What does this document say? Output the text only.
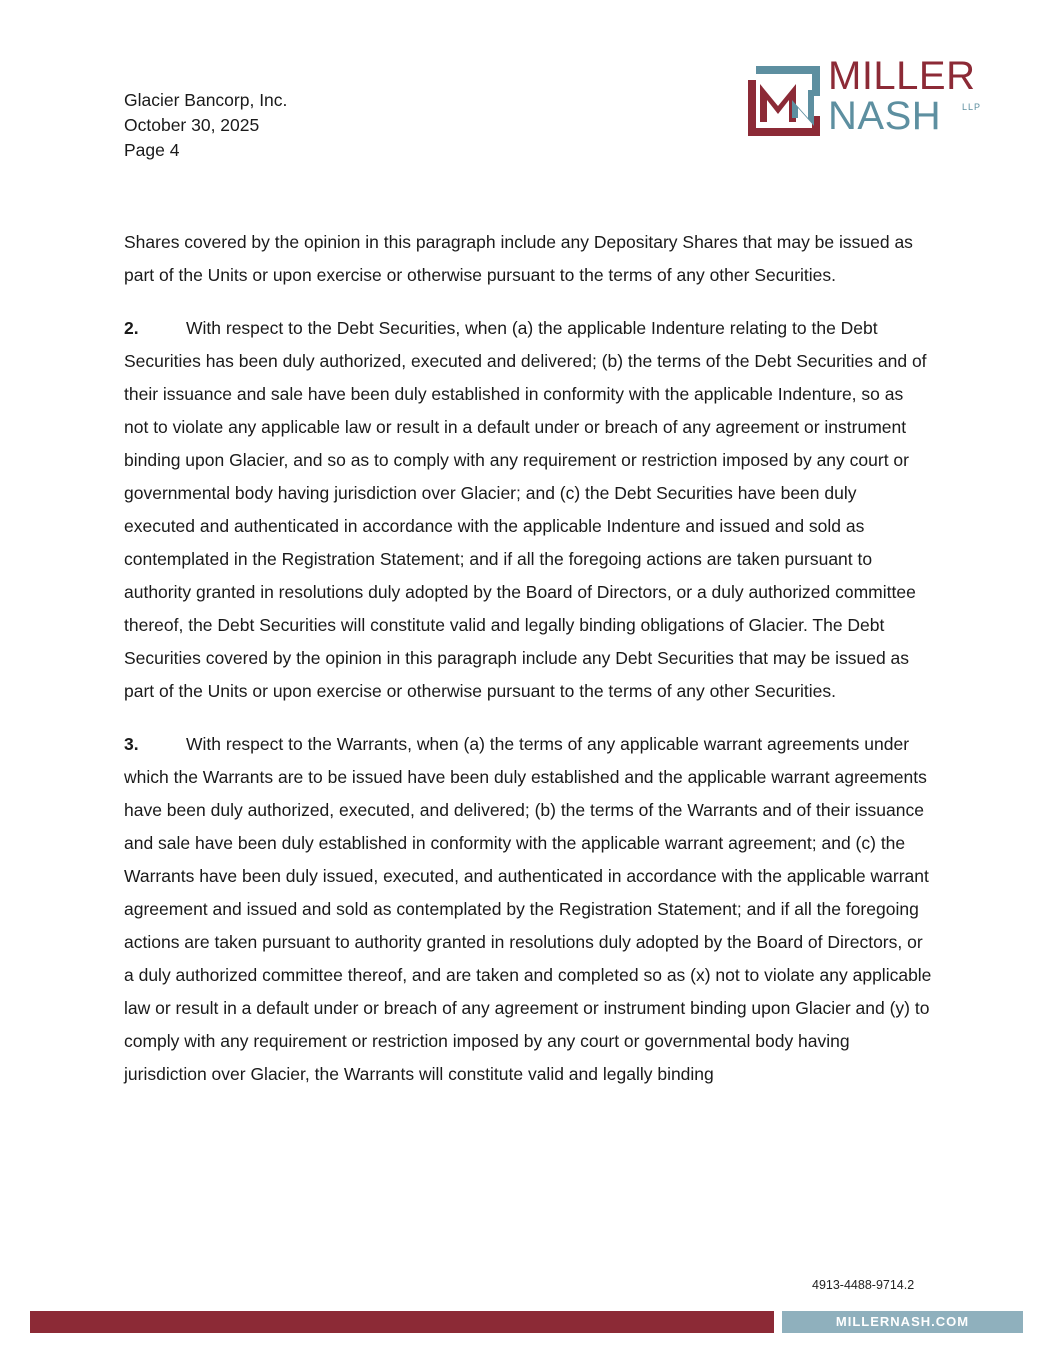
Glacier Bancorp, Inc.
October 30, 2025
Page 4
MILLER
NASH	LLP

Shares covered by the opinion in this paragraph include any Depositary Shares that may be issued as part of the Units or upon exercise or otherwise pursuant to the terms of any other Securities.

2.	With respect to the Debt Securities, when (a) the applicable Indenture relating to the Debt Securities has been duly authorized, executed and delivered; (b) the terms of the Debt Securities and of their issuance and sale have been duly established in conformity with the applicable Indenture, so as not to violate any applicable law or result in a default under or breach of any agreement or instrument binding upon Glacier, and so as to comply with any requirement or restriction imposed by any court or governmental body having jurisdiction over Glacier; and (c) the Debt Securities have been duly executed and authenticated in accordance with the applicable Indenture and issued and sold as contemplated in the Registration Statement; and if all the foregoing actions are taken pursuant to authority granted in resolutions duly adopted by the Board of Directors, or a duly authorized committee thereof, the Debt Securities will constitute valid and legally binding obligations of Glacier. The Debt Securities covered by the opinion in this paragraph include any Debt Securities that may be issued as part of the Units or upon exercise or otherwise pursuant to the terms of any other Securities.

3.	With respect to the Warrants, when (a) the terms of any applicable warrant agreements under which the Warrants are to be issued have been duly established and the applicable warrant agreements have been duly authorized, executed, and delivered; (b) the terms of the Warrants and of their issuance and sale have been duly established in conformity with the applicable warrant agreement; and (c) the Warrants have been duly issued, executed, and authenticated in accordance with the applicable warrant agreement and issued and sold as contemplated by the Registration Statement; and if all the foregoing actions are taken pursuant to authority granted in resolutions duly adopted by the Board of Directors, or a duly authorized committee thereof, and are taken and completed so as (x) not to violate any applicable law or result in a default under or breach of any agreement or instrument binding upon Glacier and (y) to comply with any requirement or restriction imposed by any court or governmental body having jurisdiction over Glacier, the Warrants will constitute valid and legally binding

4913-4488-9714.2
MILLERNASH.COM
